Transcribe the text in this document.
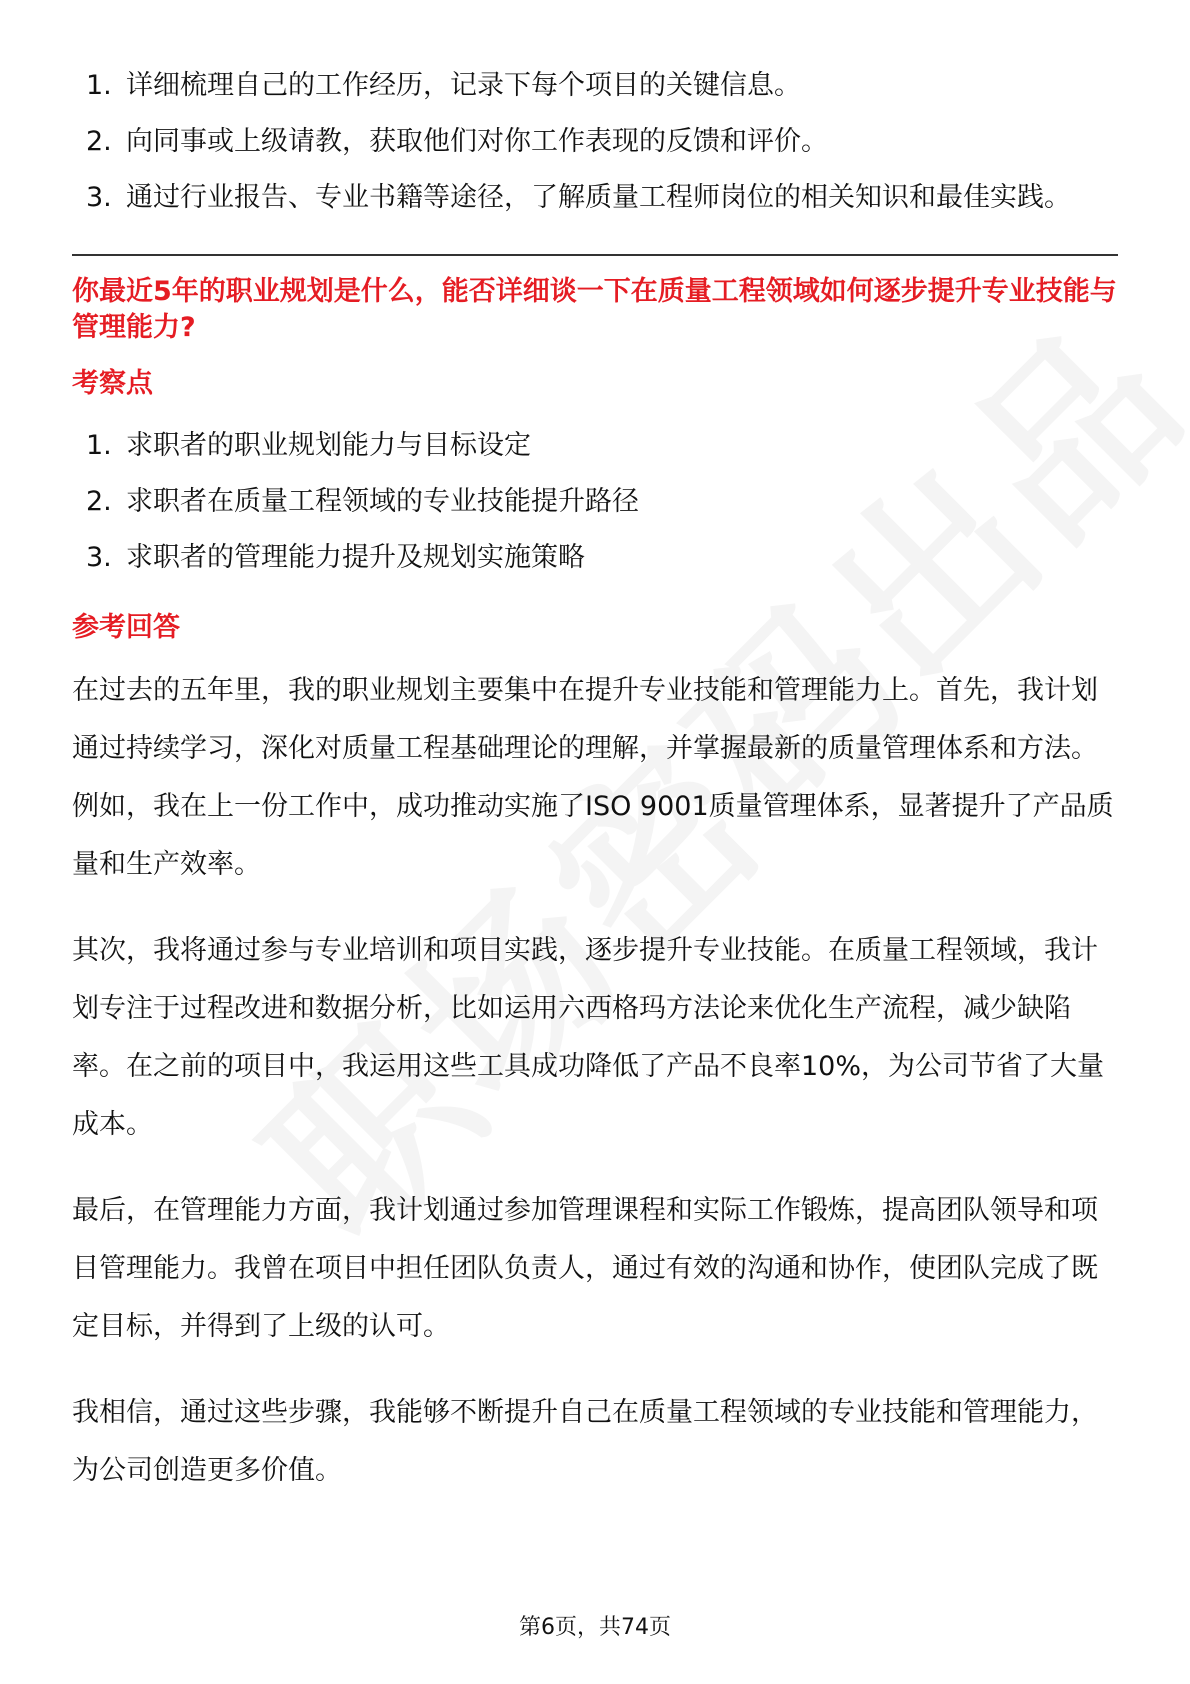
1. 详细梳理自己的工作经历，记录下每个项目的关键信息。
2. 向同事或上级请教，获取他们对你工作表现的反馈和评价。
3. 通过行业报告、专业书籍等途径，了解质量工程师岗位的相关知识和最佳实践。
你最近5年的职业规划是什么，能否详细谈一下在质量工程领域如何逐步提升专业技能与管理能力?
考察点
1. 求职者的职业规划能力与目标设定
2. 求职者在质量工程领域的专业技能提升路径
3. 求职者的管理能力提升及规划实施策略
参考回答

在过去的五年里，我的职业规划主要集中在提升专业技能和管理能力上。首先，我计划通过持续学习，深化对质量工程基础理论的理解，并掌握最新的质量管理体系和方法。例如，我在上一份工作中，成功推动实施了ISO 9001质量管理体系，显著提升了产品质量和生产效率。

其次，我将通过参与专业培训和项目实践，逐步提升专业技能。在质量工程领域，我计划专注于过程改进和数据分析，比如运用六西格玛方法论来优化生产流程，减少缺陷率。在之前的项目中，我运用这些工具成功降低了产品不良率10%，为公司节省了大量成本。

最后，在管理能力方面，我计划通过参加管理课程和实际工作锻炼，提高团队领导和项目管理能力。我曾在项目中担任团队负责人，通过有效的沟通和协作，使团队完成了既定目标，并得到了上级的认可。

我相信，通过这些步骤，我能够不断提升自己在质量工程领域的专业技能和管理能力，为公司创造更多价值。

第6页，共74页
